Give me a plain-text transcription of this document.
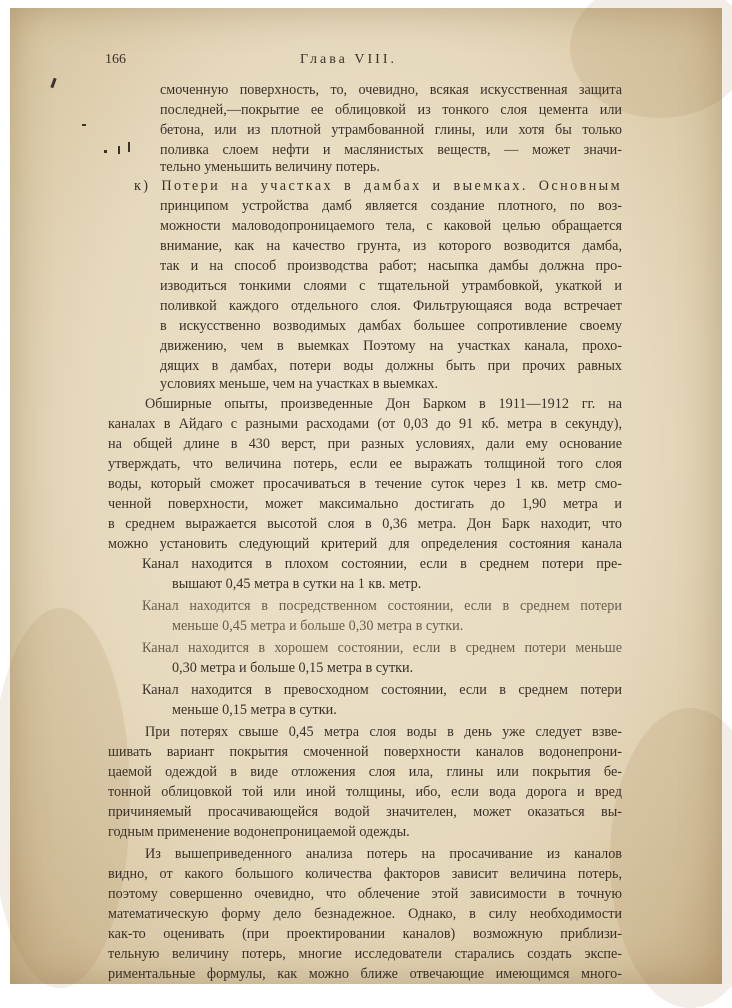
166	Глава VIII.
смоченную поверхность, то, очевидно, всякая искусственная защита
последней,—покрытие ее облицовкой из тонкого слоя цемента или
бетона, или из плотной утрамбованной глины, или хотя бы только
поливка слоем нефти и маслянистых веществ, — может значи-
тельно уменьшить величину потерь.
к) Потери на участках в дамбах и выемках. Основным
принципом устройства дамб является создание плотного, по воз-
можности маловодопроницаемого тела, с каковой целью обращается
внимание, как на качество грунта, из которого возводится дамба,
так и на способ производства работ; насыпка дамбы должна про-
изводиться тонкими слоями с тщательной утрамбовкой, укаткой и
поливкой каждого отдельного слоя. Фильтрующаяся вода встречает
в искусственно возводимых дамбах большее сопротивление своему
движению, чем в выемках Поэтому на участках канала, прохо-
дящих в дамбах, потери воды должны быть при прочих равных
условиях меньше, чем на участках в выемках.
Обширные опыты, произведенные Дон Барком в 1911—1912 гг. на
каналах в Айдаго с разными расходами (от 0,03 до 91 кб. метра в секунду),
на общей длине в 430 верст, при разных условиях, дали ему основание
утверждать, что величина потерь, если ее выражать толщиной того слоя
воды, который сможет просачиваться в течение суток через 1 кв. метр смо-
ченной поверхности, может максимально достигать до 1,90 метра и
в среднем выражается высотой слоя в 0,36 метра. Дон Барк находит, что
можно установить следующий критерий для определения состояния канала
Канал находится в плохом состоянии, если в среднем потери пре-
вышают 0,45 метра в сутки на 1 кв. метр.
Канал находится в посредственном состоянии, если в среднем потери
меньше 0,45 метра и больше 0,30 метра в сутки.
Канал находится в хорошем состоянии, если в среднем потери меньше
0,30 метра и больше 0,15 метра в сутки.
Канал находится в превосходном состоянии, если в среднем потери
меньше 0,15 метра в сутки.
При потерях свыше 0,45 метра слоя воды в день уже следует взве-
шивать вариант покрытия смоченной поверхности каналов водонепрони-
цаемой одеждой в виде отложения слоя ила, глины или покрытия бе-
тонной облицовкой той или иной толщины, ибо, если вода дорога и вред
причиняемый просачивающейся водой значителен, может оказаться вы-
годным применение водонепроницаемой одежды.
Из вышеприведенного анализа потерь на просачивание из каналов
видно, от какого большого количества факторов зависит величина потерь,
поэтому совершенно очевидно, что облечение этой зависимости в точную
математическую форму дело безнадежное. Однако, в силу необходимости
как-то оценивать (при проектировании каналов) возможную приблизи-
тельную величину потерь, многие исследователи старались создать экспе-
риментальные формулы, как можно ближе отвечающие имеющимся много-
